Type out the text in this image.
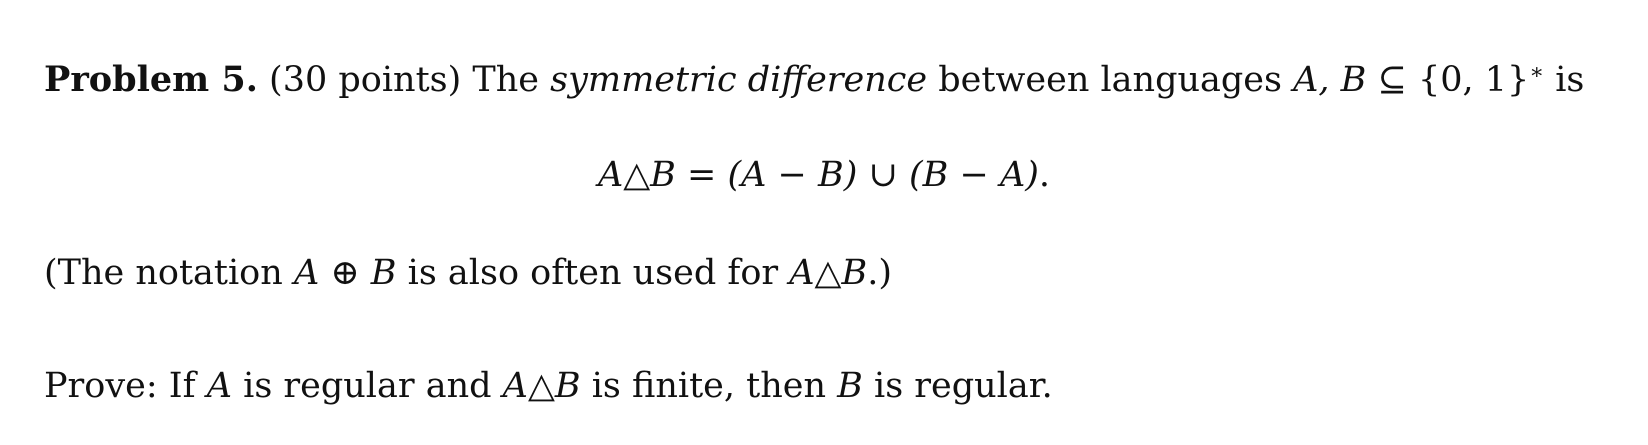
Problem 5. (30 points) The symmetric difference between languages A, B ⊆ {0, 1}∗ is
A△B = (A − B) ∪ (B − A).
(The notation A ⊕ B is also often used for A△B.)
Prove: If A is regular and A△B is finite, then B is regular.
